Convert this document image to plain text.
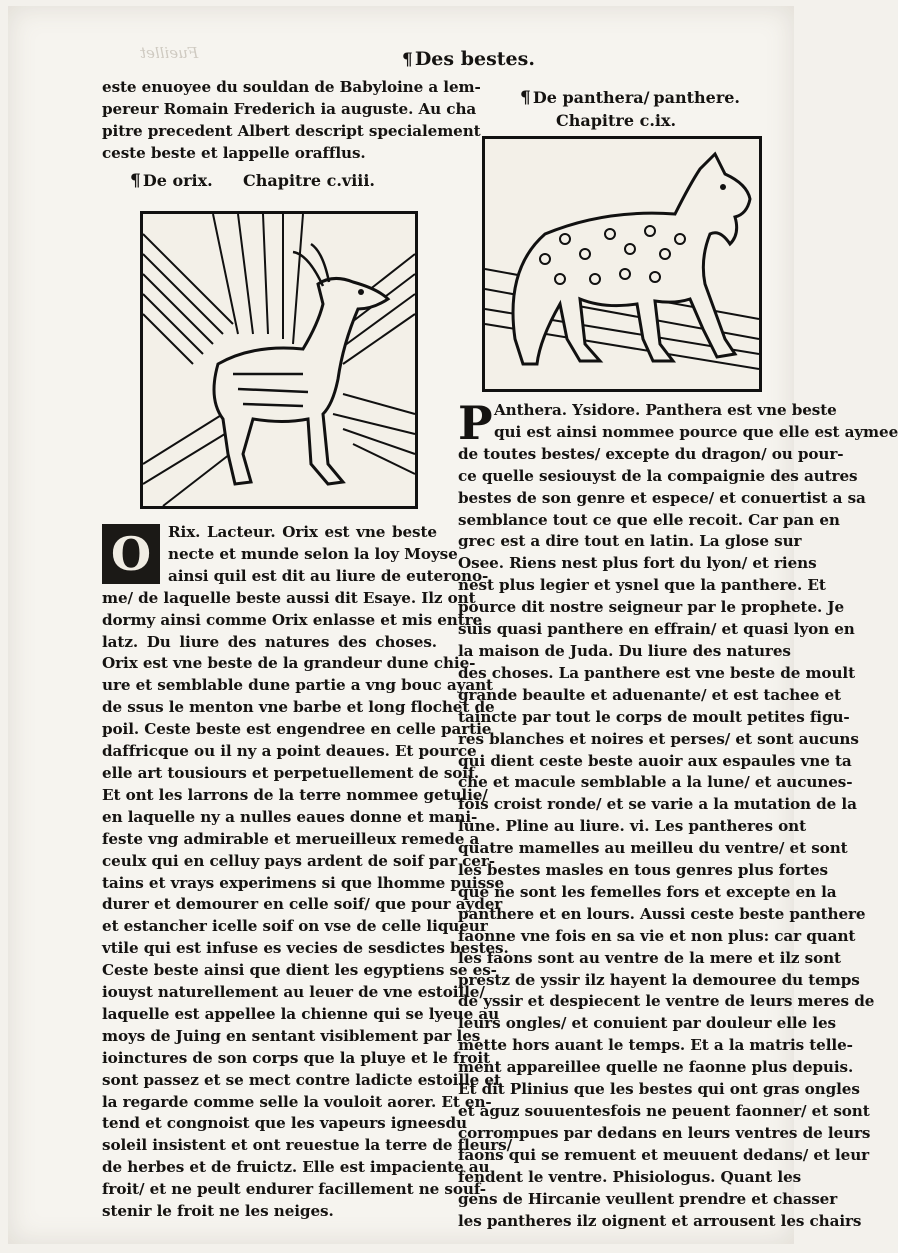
Fueillet	¶ Des bestes.
este enuoyee du souldan de Babyloine a lem-
pereur Romain Frederich ia auguste. Au cha
pitre precedent Albert descript specialement
ceste beste et lappelle orafflus.
¶ De orix. Chapitre c.viii.
O	Rix. Lacteur. Orix est vne beste
necte et munde selon la loy Moyse
ainsi quil est dit au liure de euterono-
me/ de laquelle beste aussi dit Esaye. Ilz ont
dormy ainsi comme Orix enlasse et mis entre
latz. Du liure des natures des choses.
Orix est vne beste de la grandeur dune chie-
ure et semblable dune partie a vng bouc ayant
de ssus le menton vne barbe et long flochet de
poil. Ceste beste est engendree en celle partie
daffricque ou il ny a point deaues. Et pource
elle art tousiours et perpetuellement de soif.
Et ont les larrons de la terre nommee getulie/
en laquelle ny a nulles eaues donne et mani-
feste vng admirable et merueilleux remede a
ceulx qui en celluy pays ardent de soif par cer-
tains et vrays experimens si que lhomme puisse
durer et demourer en celle soif/ que pour ayder
et estancher icelle soif on vse de celle liqueur
vtile qui est infuse es vecies de sesdictes bestes.
Ceste beste ainsi que dient les egyptiens se es-
iouyst naturellement au leuer de vne estoille/
laquelle est appellee la chienne qui se lyeue au
moys de Juing en sentant visiblement par les
ioinctures de son corps que la pluye et le froit
sont passez et se mect contre ladicte estoille et
la regarde comme selle la vouloit aorer. Et en-
tend et congnoist que les vapeurs igneesdu
soleil insistent et ont reuestue la terre de fleurs/
de herbes et de fruictz. Elle est impaciente au
froit/ et ne peult endurer facillement ne souf-
stenir le froit ne les neiges.
¶ De panthera/ panthere.
Chapitre c.ix.
P Anthera. Ysidore. Panthera est vne beste
qui est ainsi nommee pource que elle est aymee
de toutes bestes/ excepte du dragon/ ou pour-
ce quelle sesiouyst de la compaignie des autres
bestes de son genre et espece/ et conuertist a sa
semblance tout ce que elle recoit. Car pan en
grec est a dire tout en latin. La glose sur
Osee. Riens nest plus fort du lyon/ et riens
nest plus legier et ysnel que la panthere. Et
pource dit nostre seigneur par le prophete. Je
suis quasi panthere en effrain/ et quasi lyon en
la maison de Juda. Du liure des natures
des choses. La panthere est vne beste de moult
grande beaulte et aduenante/ et est tachee et
taincte par tout le corps de moult petites figu-
res blanches et noires et perses/ et sont aucuns
qui dient ceste beste auoir aux espaules vne ta
che et macule semblable a la lune/ et aucunes-
fois croist ronde/ et se varie a la mutation de la
lune. Pline au liure. vi. Les pantheres ont
quatre mamelles au meilleu du ventre/ et sont
les bestes masles en tous genres plus fortes
que ne sont les femelles fors et excepte en la
panthere et en lours. Aussi ceste beste panthere
faonne vne fois en sa vie et non plus: car quant
les faons sont au ventre de la mere et ilz sont
prestz de yssir ilz hayent la demouree du temps
de yssir et despiecent le ventre de leurs meres de
leurs ongles/ et conuient par douleur elle les
mette hors auant le temps. Et a la matris telle-
ment appareillee quelle ne faonne plus depuis.
Et dit Plinius que les bestes qui ont gras ongles
et aguz souuentesfois ne peuent faonner/ et sont
corrompues par dedans en leurs ventres de leurs
faons qui se remuent et meuuent dedans/ et leur
fendent le ventre. Phisiologus. Quant les
gens de Hircanie veullent prendre et chasser
les pantheres ilz oignent et arrousent les chairs
